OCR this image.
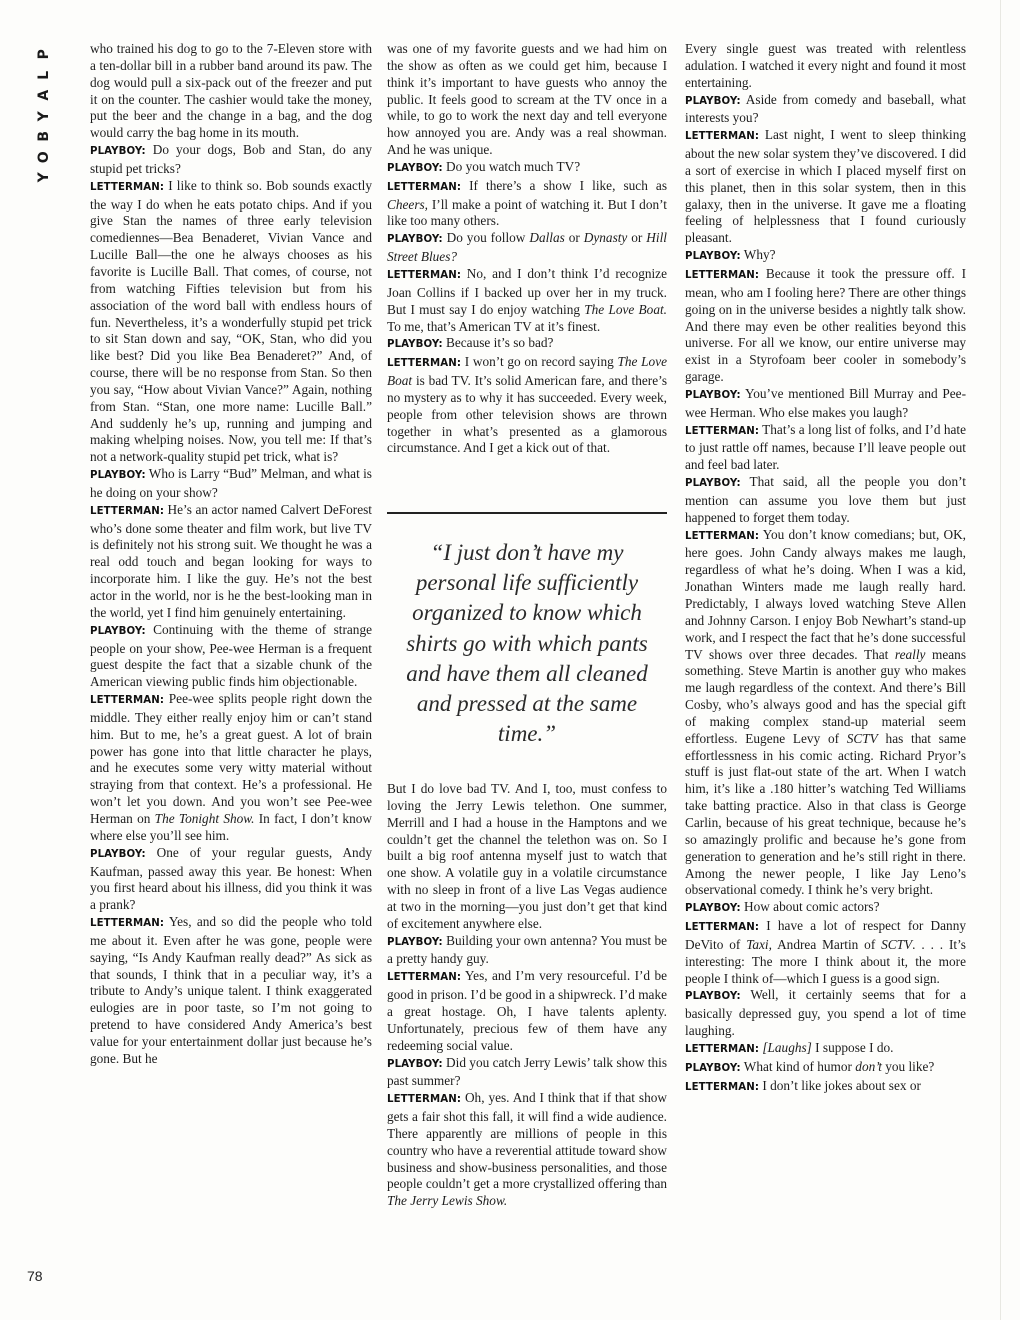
P
L
A
Y
B
O
Y
78

who trained his dog to go to the 7-Eleven store with a ten-dollar bill in a rubber band around its paw. The dog would pull a six-pack out of the freezer and put it on the counter. The cashier would take the money, put the beer and the change in a bag, and the dog would carry the bag home in its mouth.

PLAYBOY: Do your dogs, Bob and Stan, do any stupid pet tricks?

LETTERMAN: I like to think so. Bob sounds exactly the way I do when he eats potato chips. And if you give Stan the names of three early television comediennes—Bea Benaderet, Vivian Vance and Lucille Ball—the one he always chooses as his favorite is Lucille Ball. That comes, of course, not from watching Fifties television but from his association of the word ball with endless hours of fun. Nevertheless, it’s a wonderfully stupid pet trick to sit Stan down and say, “OK, Stan, who did you like best? Did you like Bea Benaderet?” And, of course, there will be no response from Stan. So then you say, “How about Vivian Vance?” Again, nothing from Stan. “Stan, one more name: Lucille Ball.” And suddenly he’s up, running and jumping and making whelping noises. Now, you tell me: If that’s not a network-quality stupid pet trick, what is?

PLAYBOY: Who is Larry “Bud” Melman, and what is he doing on your show?

LETTERMAN: He’s an actor named Calvert DeForest who’s done some theater and film work, but live TV is definitely not his strong suit. We thought he was a real odd touch and began looking for ways to incorporate him. I like the guy. He’s not the best actor in the world, nor is he the best-looking man in the world, yet I find him genuinely entertaining.

PLAYBOY: Continuing with the theme of strange people on your show, Pee-wee Herman is a frequent guest despite the fact that a sizable chunk of the American viewing public finds him objectionable.

LETTERMAN: Pee-wee splits people right down the middle. They either really enjoy him or can’t stand him. But to me, he’s a great guest. A lot of brain power has gone into that little character he plays, and he executes some very witty material without straying from that context. He’s a professional. He won’t let you down. And you won’t see Pee-wee Herman on The Tonight Show. In fact, I don’t know where else you’ll see him.

PLAYBOY: One of your regular guests, Andy Kaufman, passed away this year. Be honest: When you first heard about his illness, did you think it was a prank?

LETTERMAN: Yes, and so did the people who told me about it. Even after he was gone, people were saying, “Is Andy Kaufman really dead?” As sick as that sounds, I think that in a peculiar way, it’s a tribute to Andy’s unique talent. I think exaggerated eulogies are in poor taste, so I’m not going to pretend to have considered Andy America’s best value for your entertainment dollar just because he’s gone. But he

was one of my favorite guests and we had him on the show as often as we could get him, because I think it’s important to have guests who annoy the public. It feels good to scream at the TV once in a while, to go to work the next day and tell everyone how annoyed you are. Andy was a real showman. And he was unique.

PLAYBOY: Do you watch much TV?

LETTERMAN: If there’s a show I like, such as Cheers, I’ll make a point of watching it. But I don’t like too many others.

PLAYBOY: Do you follow Dallas or Dynasty or Hill Street Blues?

LETTERMAN: No, and I don’t think I’d recognize Joan Collins if I backed up over her in my truck. But I must say I do enjoy watching The Love Boat. To me, that’s American TV at it’s finest.

PLAYBOY: Because it’s so bad?

LETTERMAN: I won’t go on record saying The Love Boat is bad TV. It’s solid American fare, and there’s no mystery as to why it has succeeded. Every week, people from other television shows are thrown together in what’s presented as a glamorous circumstance. And I get a kick out of that.

“I just don’t have my personal life sufficiently organized to know which shirts go with which pants and have them all cleaned and pressed at the same time.”

But I do love bad TV. And I, too, must confess to loving the Jerry Lewis telethon. One summer, Merrill and I had a house in the Hamptons and we couldn’t get the channel the telethon was on. So I built a big roof antenna myself just to watch that one show. A volatile guy in a volatile circumstance with no sleep in front of a live Las Vegas audience at two in the morning—you just don’t get that kind of excitement anywhere else.

PLAYBOY: Building your own antenna? You must be a pretty handy guy.

LETTERMAN: Yes, and I’m very resourceful. I’d be good in prison. I’d be good in a shipwreck. I’d make a great hostage. Oh, I have talents aplenty. Unfortunately, precious few of them have any redeeming social value.

PLAYBOY: Did you catch Jerry Lewis’ talk show this past summer?

LETTERMAN: Oh, yes. And I think that if that show gets a fair shot this fall, it will find a wide audience. There apparently are millions of people in this country who have a reverential attitude toward show business and show-business personalities, and those people couldn’t get a more crystallized offering than The Jerry Lewis Show.

Every single guest was treated with relentless adulation. I watched it every night and found it most entertaining.

PLAYBOY: Aside from comedy and baseball, what interests you?

LETTERMAN: Last night, I went to sleep thinking about the new solar system they’ve discovered. I did a sort of exercise in which I placed myself first on this planet, then in this solar system, then in this galaxy, then in the universe. It gave me a floating feeling of helplessness that I found curiously pleasant.

PLAYBOY: Why?

LETTERMAN: Because it took the pressure off. I mean, who am I fooling here? There are other things going on in the universe besides a nightly talk show. And there may even be other realities beyond this universe. For all we know, our entire universe may exist in a Styrofoam beer cooler in somebody’s garage.

PLAYBOY: You’ve mentioned Bill Murray and Pee-wee Herman. Who else makes you laugh?

LETTERMAN: That’s a long list of folks, and I’d hate to just rattle off names, because I’ll leave people out and feel bad later.

PLAYBOY: That said, all the people you don’t mention can assume you love them but just happened to forget them today.

LETTERMAN: You don’t know comedians; but, OK, here goes. John Candy always makes me laugh, regardless of what he’s doing. When I was a kid, Jonathan Winters made me laugh really hard. Predictably, I always loved watching Steve Allen and Johnny Carson. I enjoy Bob Newhart’s stand-up work, and I respect the fact that he’s done successful TV shows over three decades. That really means something. Steve Martin is another guy who makes me laugh regardless of the context. And there’s Bill Cosby, who’s always good and has the special gift of making complex stand-up material seem effortless. Eugene Levy of SCTV has that same effortlessness in his comic acting. Richard Pryor’s stuff is just flat-out state of the art. When I watch him, it’s like a .180 hitter’s watching Ted Williams take batting practice. Also in that class is George Carlin, because of his great technique, because he’s so amazingly prolific and because he’s gone from generation to generation and he’s still right in there. Among the newer people, I like Jay Leno’s observational comedy. I think he’s very bright.

PLAYBOY: How about comic actors?

LETTERMAN: I have a lot of respect for Danny DeVito of Taxi, Andrea Martin of SCTV. . . . It’s interesting: The more I think about it, the more people I think of—which I guess is a good sign.

PLAYBOY: Well, it certainly seems that for a basically depressed guy, you spend a lot of time laughing.

LETTERMAN: [Laughs] I suppose I do.

PLAYBOY: What kind of humor don’t you like?

LETTERMAN: I don’t like jokes about sex or
